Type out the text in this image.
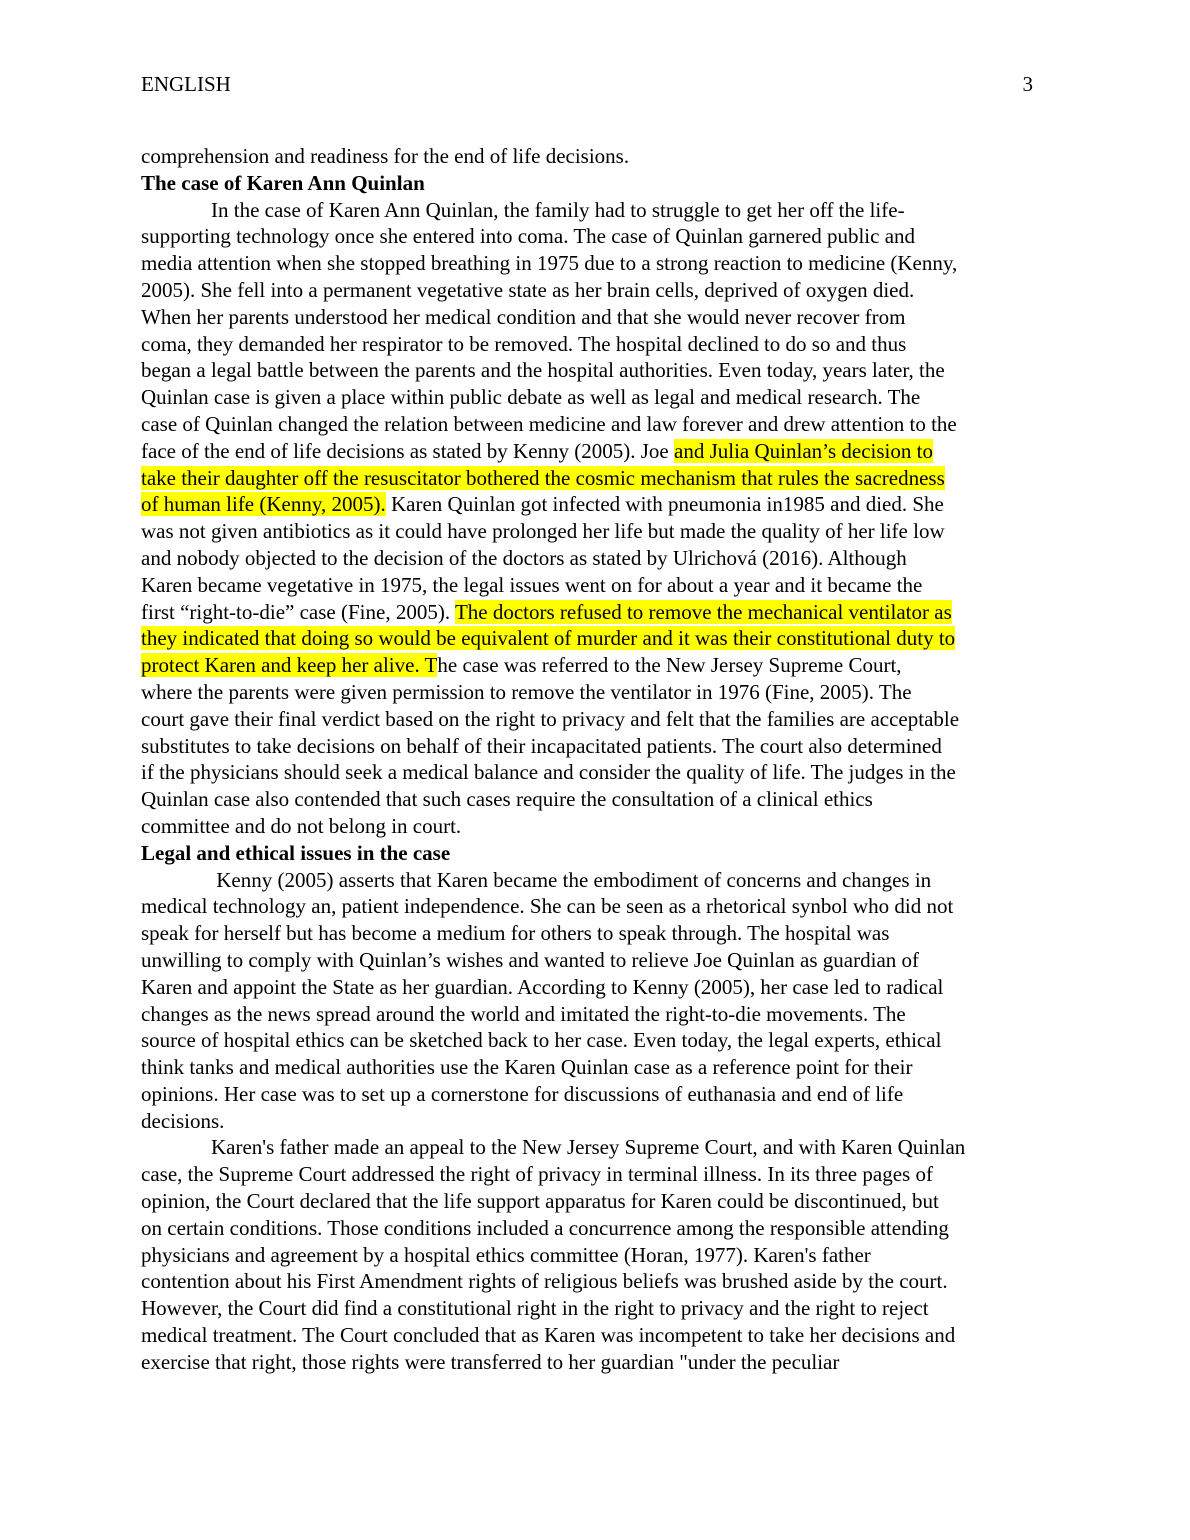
ENGLISH	3

comprehension and readiness for the end of life decisions.

The case of Karen Ann Quinlan

In the case of Karen Ann Quinlan, the family had to struggle to get her off the life-
supporting technology once she entered into coma. The case of Quinlan garnered public and
media attention when she stopped breathing in 1975 due to a strong reaction to medicine (Kenny,
2005). She fell into a permanent vegetative state as her brain cells, deprived of oxygen died.
When her parents understood her medical condition and that she would never recover from
coma, they demanded her respirator to be removed. The hospital declined to do so and thus
began a legal battle between the parents and the hospital authorities. Even today, years later, the
Quinlan case is given a place within public debate as well as legal and medical research. The
case of Quinlan changed the relation between medicine and law forever and drew attention to the
face of the end of life decisions as stated by Kenny (2005). Joe and Julia Quinlan’s decision to
take their daughter off the resuscitator bothered the cosmic mechanism that rules the sacredness
of human life (Kenny, 2005). Karen Quinlan got infected with pneumonia in1985 and died. She
was not given antibiotics as it could have prolonged her life but made the quality of her life low
and nobody objected to the decision of the doctors as stated by Ulrichová (2016). Although
Karen became vegetative in 1975, the legal issues went on for about a year and it became the
first “right-to-die” case (Fine, 2005). The doctors refused to remove the mechanical ventilator as
they indicated that doing so would be equivalent of murder and it was their constitutional duty to
protect Karen and keep her alive. The case was referred to the New Jersey Supreme Court,
where the parents were given permission to remove the ventilator in 1976 (Fine, 2005). The
court gave their final verdict based on the right to privacy and felt that the families are acceptable
substitutes to take decisions on behalf of their incapacitated patients. The court also determined
if the physicians should seek a medical balance and consider the quality of life. The judges in the
Quinlan case also contended that such cases require the consultation of a clinical ethics
committee and do not belong in court.

Legal and ethical issues in the case

Kenny (2005) asserts that Karen became the embodiment of concerns and changes in
medical technology an, patient independence. She can be seen as a rhetorical synbol who did not
speak for herself but has become a medium for others to speak through. The hospital was
unwilling to comply with Quinlan’s wishes and wanted to relieve Joe Quinlan as guardian of
Karen and appoint the State as her guardian. According to Kenny (2005), her case led to radical
changes as the news spread around the world and imitated the right-to-die movements. The
source of hospital ethics can be sketched back to her case. Even today, the legal experts, ethical
think tanks and medical authorities use the Karen Quinlan case as a reference point for their
opinions. Her case was to set up a cornerstone for discussions of euthanasia and end of life
decisions.

Karen's father made an appeal to the New Jersey Supreme Court, and with Karen Quinlan
case, the Supreme Court addressed the right of privacy in terminal illness. In its three pages of
opinion, the Court declared that the life support apparatus for Karen could be discontinued, but
on certain conditions. Those conditions included a concurrence among the responsible attending
physicians and agreement by a hospital ethics committee (Horan, 1977). Karen's father
contention about his First Amendment rights of religious beliefs was brushed aside by the court.
However, the Court did find a constitutional right in the right to privacy and the right to reject
medical treatment. The Court concluded that as Karen was incompetent to take her decisions and
exercise that right, those rights were transferred to her guardian "under the peculiar
